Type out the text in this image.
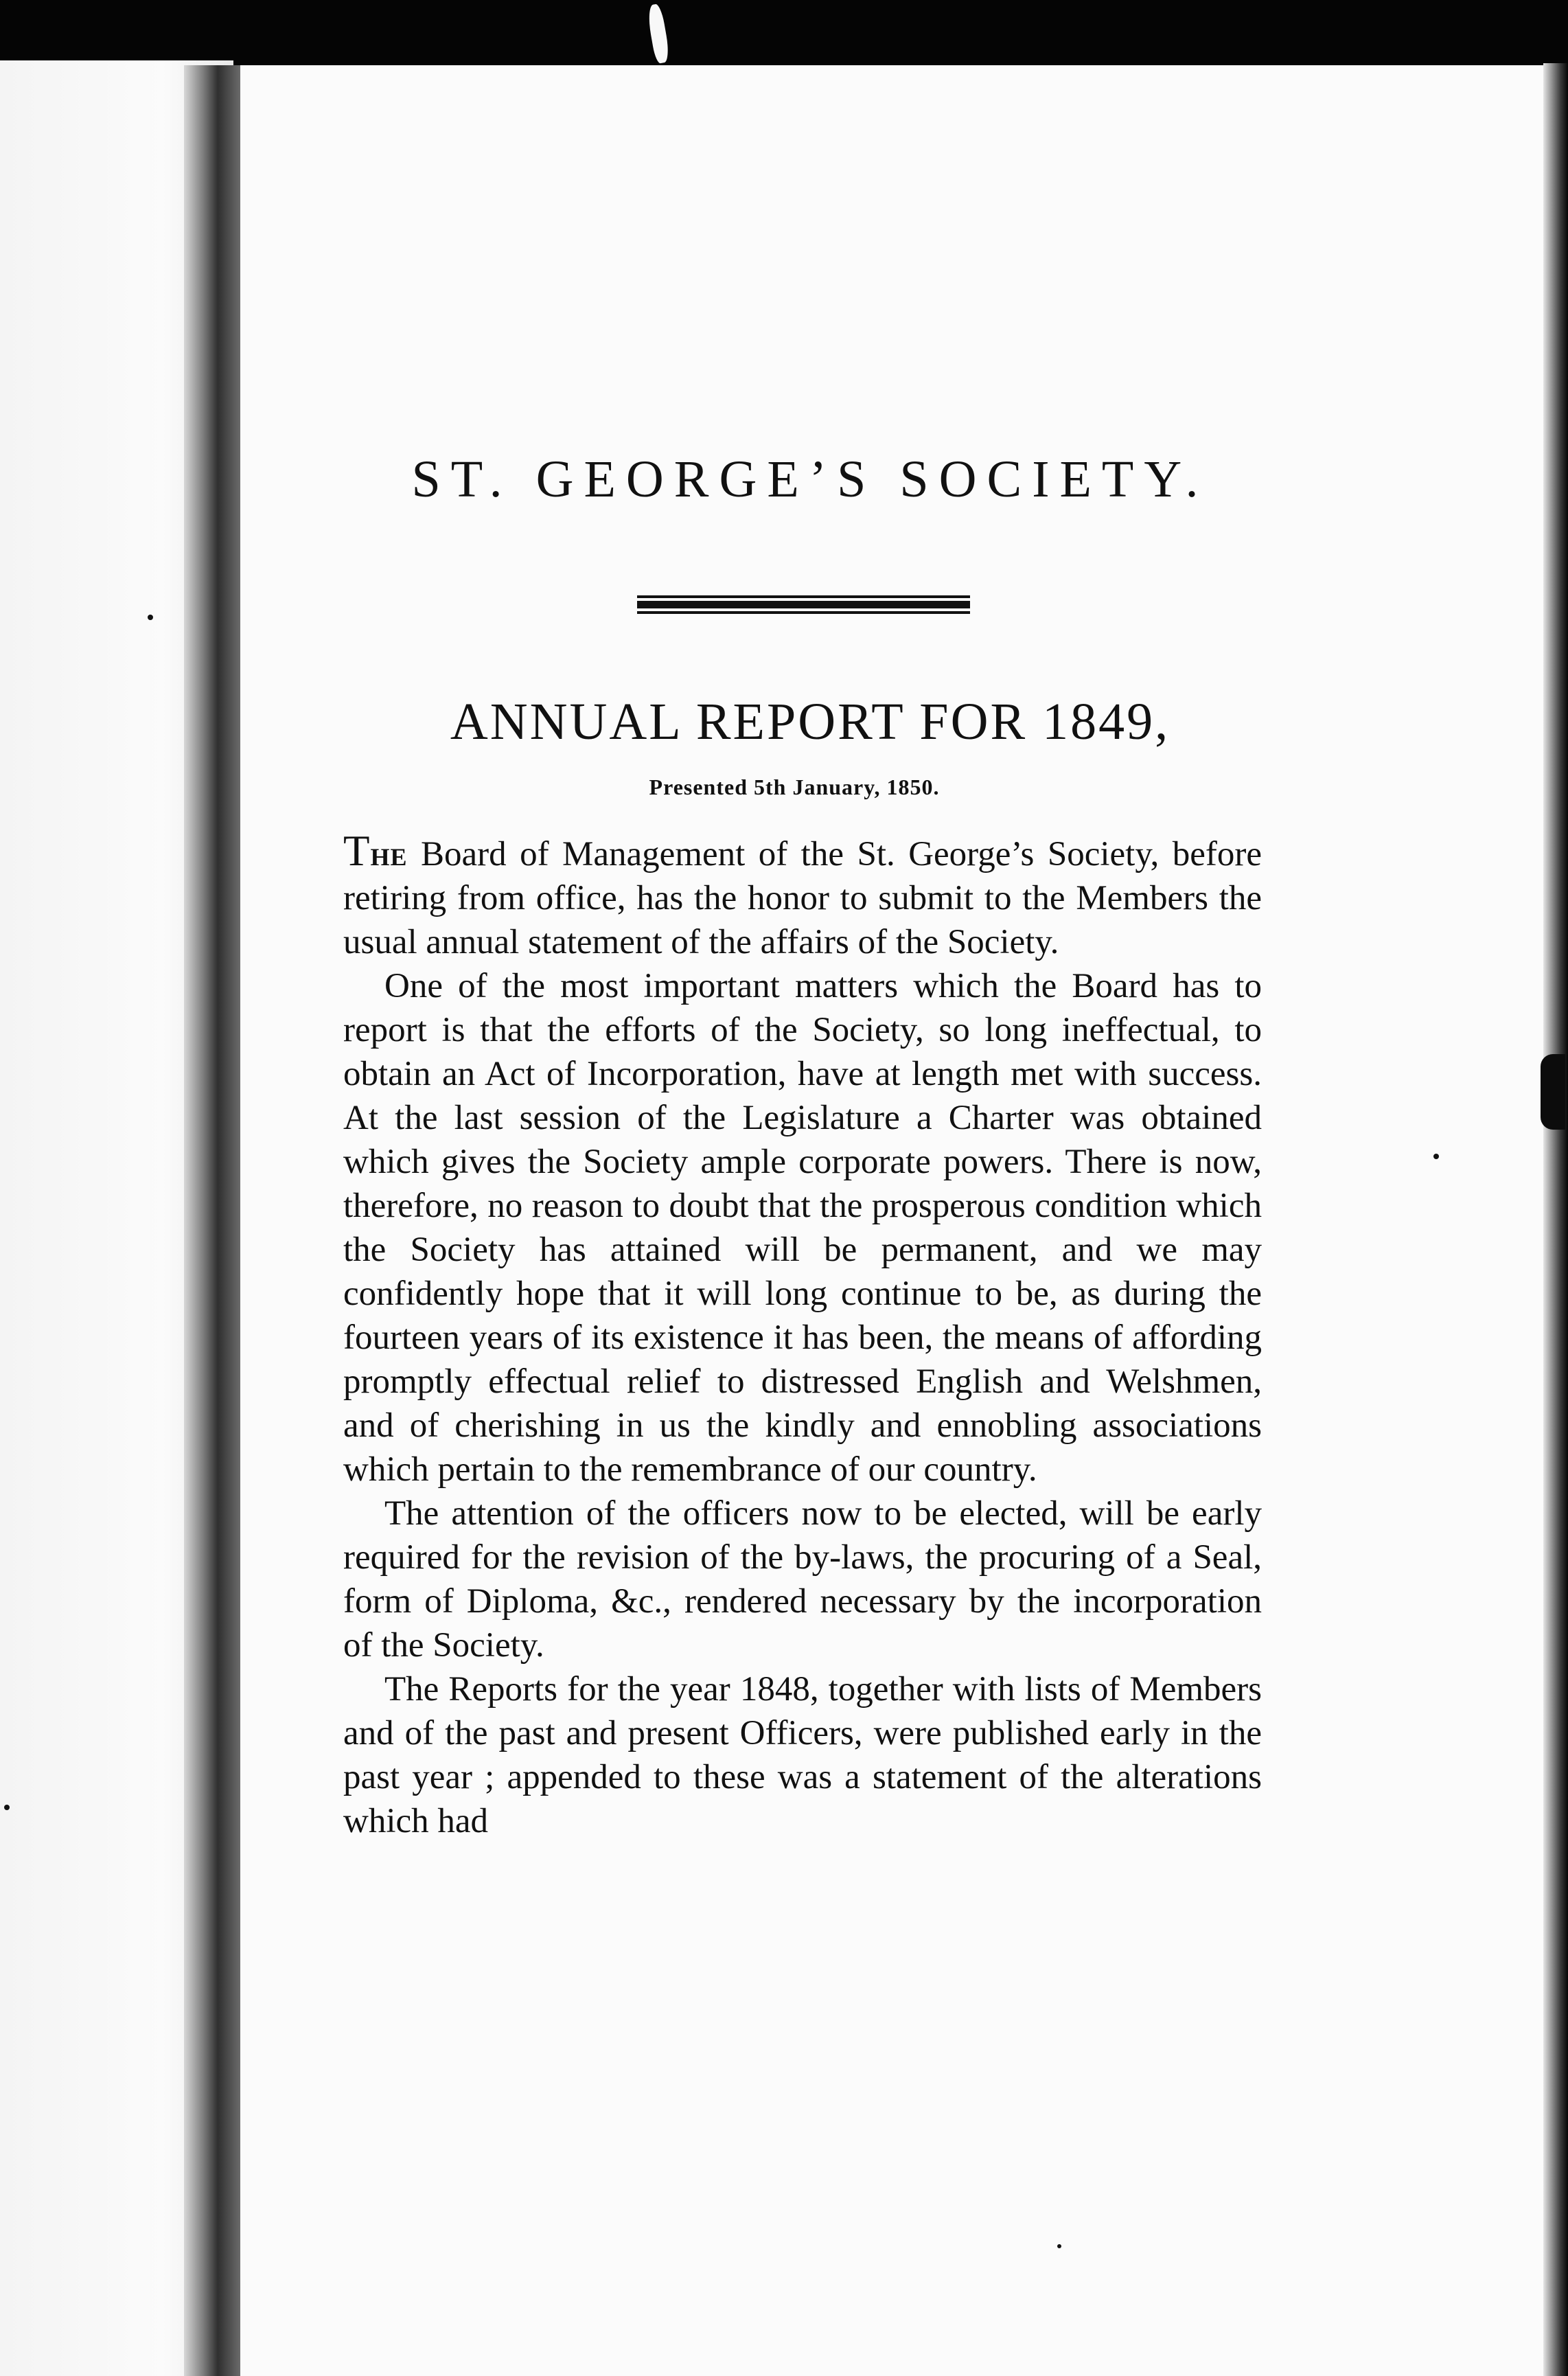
ST. GEORGE’S SOCIETY.
ANNUAL REPORT FOR 1849,
Presented 5th January, 1850.

The Board of Management of the St. George’s Society, before retiring from office, has the honor to submit to the Members the usual annual statement of the affairs of the Society.

One of the most important matters which the Board has to report is that the efforts of the Society, so long ineffectual, to obtain an Act of Incorporation, have at length met with success. At the last session of the Legislature a Charter was obtained which gives the Society ample corporate powers. There is now, therefore, no reason to doubt that the prosperous condition which the Society has attained will be permanent, and we may confidently hope that it will long continue to be, as during the fourteen years of its existence it has been, the means of affording promptly effectual relief to distressed English and Welshmen, and of cherishing in us the kindly and ennobling associations which pertain to the remembrance of our country.

The attention of the officers now to be elected, will be early required for the revision of the by-laws, the procuring of a Seal, form of Diploma, &c., rendered necessary by the incorporation of the Society.

The Reports for the year 1848, together with lists of Members and of the past and present Officers, were published early in the past year ; appended to these was a statement of the alterations which had
